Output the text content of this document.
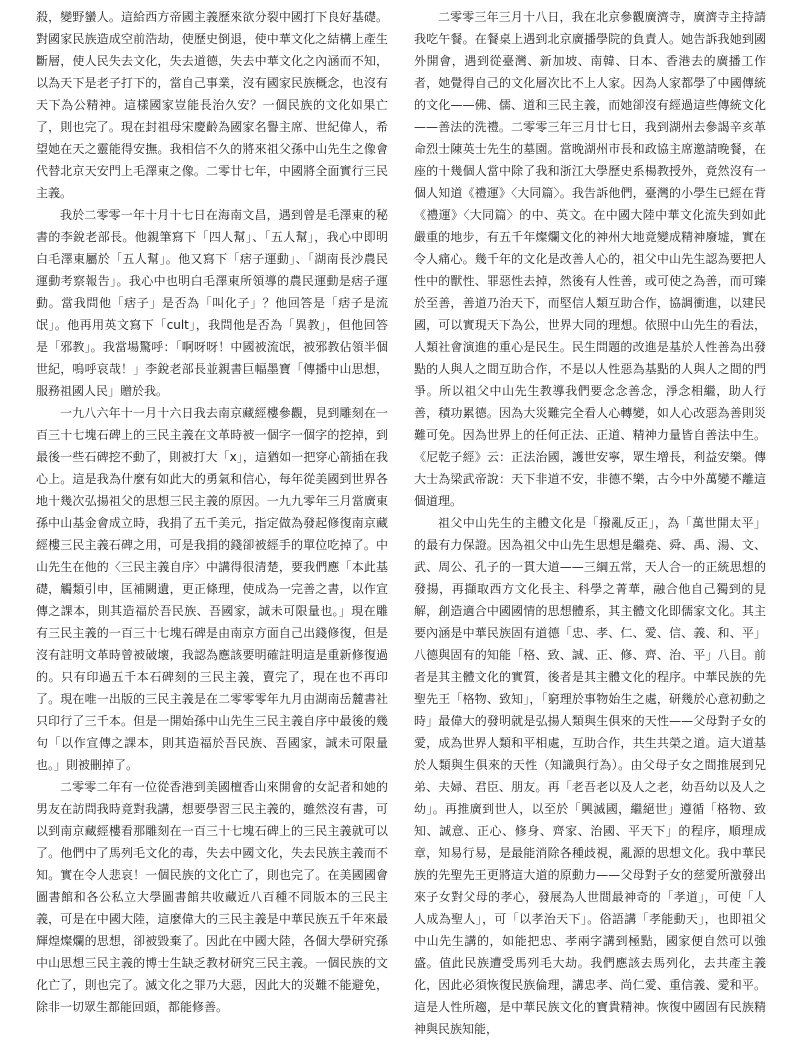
殺，變野蠻人。這給西方帝國主義歷來欲分裂中國打下良好基礎。對國家民族造成空前浩劫，使歷史倒退，使中華文化之結構上產生斷層，使人民失去文化，失去道德，失去中華文化之內涵而不知，以為天下是老子打下的，當自己事業，沒有國家民族概念，也沒有天下為公精神。這樣國家豈能長治久安？一個民族的文化如果亡了，則也完了。現在封祖母宋慶齡為國家名譽主席、世紀偉人，希望她在天之靈能得安撫。我相信不久的將來祖父孫中山先生之像會代替北京天安門上毛澤東之像。二零廿七年，中國將全面實行三民主義。

我於二零零一年十月十七日在海南文昌，遇到曾是毛澤東的秘書的李銳老部長。他親筆寫下「四人幫」、「五人幫」，我心中即明白毛澤東屬於「五人幫」。他又寫下「痞子運動」、「湖南長沙農民運動考察報告」。我心中也明白毛澤東所領導的農民運動是痞子運動。當我問他「痞子」是否為「叫化子」？他回答是「痞子是流氓」。他再用英文寫下「cult」，我問他是否為「異教」，但他回答是「邪教」。我當場驚呼：「啊呀呀！中國被流氓，被邪教佔領半個世紀，嗚呼哀哉！」李銳老部長並親書巨幅墨寶「傳播中山思想，服務祖國人民」贈於我。

一九八六年十一月十六日我去南京藏經樓參觀，見到雕刻在一百三十七塊石碑上的三民主義在文革時被一個字一個字的挖掉，到最後一些石碑挖不動了，則被打大「x」，這猶如一把穿心箭插在我心上。這是我為什麼有如此大的勇氣和信心，每年從美國到世界各地十幾次弘揚祖父的思想三民主義的原因。一九九零年三月當廣東孫中山基金會成立時，我捐了五千美元，指定做為發起修復南京藏經樓三民主義石碑之用，可是我捐的錢卻被經手的單位吃掉了。中山先生在他的〈三民主義自序〉中講得很清楚，要我們應「本此基礎，觸類引申，匡補闕遺，更正條理，使成為一完善之書，以作宣傳之課本，則其造福於吾民族、吾國家，誠未可限量也。」現在雕有三民主義的一百三十七塊石碑是由南京方面自己出錢修復，但是沒有註明文革時曾被破壞，我認為應該要明確註明這是重新修復過的。只有印過五千本石碑刻的三民主義，賣完了，現在也不再印了。現在唯一出版的三民主義是在二零零零年九月由湖南岳麓書社只印行了三千本。但是一開始孫中山先生三民主義自序中最後的幾句「以作宣傳之課本，則其造福於吾民族、吾國家，誠未可限量也。」則被刪掉了。

二零零二年有一位從香港到美國檀香山來開會的女記者和她的男友在訪問我時竟對我講，想要學習三民主義的，雖然沒有書，可以到南京藏經樓看那雕刻在一百三十七塊石碑上的三民主義就可以了。他們中了馬列毛文化的毒，失去中國文化，失去民族主義而不知。實在令人悲哀！一個民族的文化亡了，則也完了。在美國國會圖書館和各公私立大學圖書館共收藏近八百種不同版本的三民主義，可是在中國大陸，這麼偉大的三民主義是中華民族五千年來最輝煌燦爛的思想，卻被毀棄了。因此在中國大陸，各個大學研究孫中山思想三民主義的博士生缺乏教材研究三民主義。一個民族的文化亡了，則也完了。滅文化之罪乃大惡，因此大的災難不能避免，除非一切眾生都能回頭，都能修善。

二零零三年三月十八日，我在北京參觀廣濟寺，廣濟寺主持請我吃午餐。在餐桌上遇到北京廣播學院的負責人。她告訴我她到國外開會，遇到從臺灣、新加坡、南韓、日本、香港去的廣播工作者，她覺得自己的文化層次比不上人家。因為人家都學了中國傳統的文化——佛、儒、道和三民主義，而她卻沒有經過這些傳統文化——善法的洗禮。二零零三年三月廿七日，我到湖州去參謁辛亥革命烈士陳英士先生的墓園。當晚湖州市長和政協主席邀請晚餐，在座的十幾個人當中除了我和浙江大學歷史系楊教授外，竟然沒有一個人知道《禮運》〈大同篇〉。我告訴他們，臺灣的小學生已經在背《禮運》〈大同篇〉的中、英文。在中國大陸中華文化流失到如此嚴重的地步，有五千年燦爛文化的神州大地竟變成精神廢墟，實在令人痛心。幾千年的文化是改善人心的，祖父中山先生認為要把人性中的獸性、罪惡性去掉，然後有人性善，或可使之為善，而可臻於至善，善道乃治天下，而堅信人類互助合作，協調衝進，以建民國，可以實現天下為公，世界大同的理想。依照中山先生的看法，人類社會演進的重心是民生。民生問題的改進是基於人性善為出發點的人與人之間互助合作，不是以人性惡為基點的人與人之間的門爭。所以祖父中山先生教導我們要念念善念，淨念相繼，助人行善，積功累德。因為大災難完全看人心轉變，如人心改惡為善則災難可免。因為世界上的任何正法、正道、精神力量皆自善法中生。《尼乾子經》云：正法治國，護世安寧，眾生增長，利益安樂。傳大士為梁武帝說：天下非道不安，非德不樂，古今中外萬變不離這個道理。

祖父中山先生的主體文化是「撥亂反正」，為「萬世開太平」的最有力保證。因為祖父中山先生思想是繼堯、舜、禹、湯、文、武、周公、孔子的一貫大道——三綱五常，天人合一的正統思想的發揚，再擷取西方文化長主、科學之菁華，融合他自己獨到的見解，創造適合中國國情的思想體系，其主體文化即儒家文化。其主要內涵是中華民族固有道德「忠、孝、仁、愛、信、義、和、平」八德與固有的知能「格、致、誠、正、修、齊、治、平」八目。前者是其主體文化的實質，後者是其主體文化的程序。中華民族的先聖先王「格物、致知」，「窮理於事物始生之處，研幾於心意初動之時」最偉大的發明就是弘揚人類與生俱來的天性——父母對子女的愛，成為世界人類和平相處，互助合作，共生共榮之道。這大道基於人類與生俱來的天性（知識與行為）。由父母子女之間推展到兄弟、夫婦、君臣、朋友。再「老吾老以及人之老，幼吾幼以及人之幼」。再推廣到世人，以至於「興滅國，繼絕世」遵循「格物、致知、誠意、正心、修身、齊家、治國、平天下」的程序，順理成章，知易行易，是最能消除各種歧視，亂源的思想文化。我中華民族的先聖先王更將這大道的原動力——父母對子女的慈愛所激發出來子女對父母的孝心，發展為人世間最神奇的「孝道」，可使「人人成為聖人」，可「以孝治天下」。俗語講「孝能動天」，也即祖父中山先生講的，如能把忠、孝兩字講到極點，國家便自然可以強盛。值此民族遭受馬列毛大劫。我們應該去馬列化，去共產主義化，因此必須恢復民族倫理，講忠孝、尚仁愛、重信義、愛和平。這是人性所趨，是中華民族文化的寶貴精神。恢復中國固有民族精神與民族知能，
